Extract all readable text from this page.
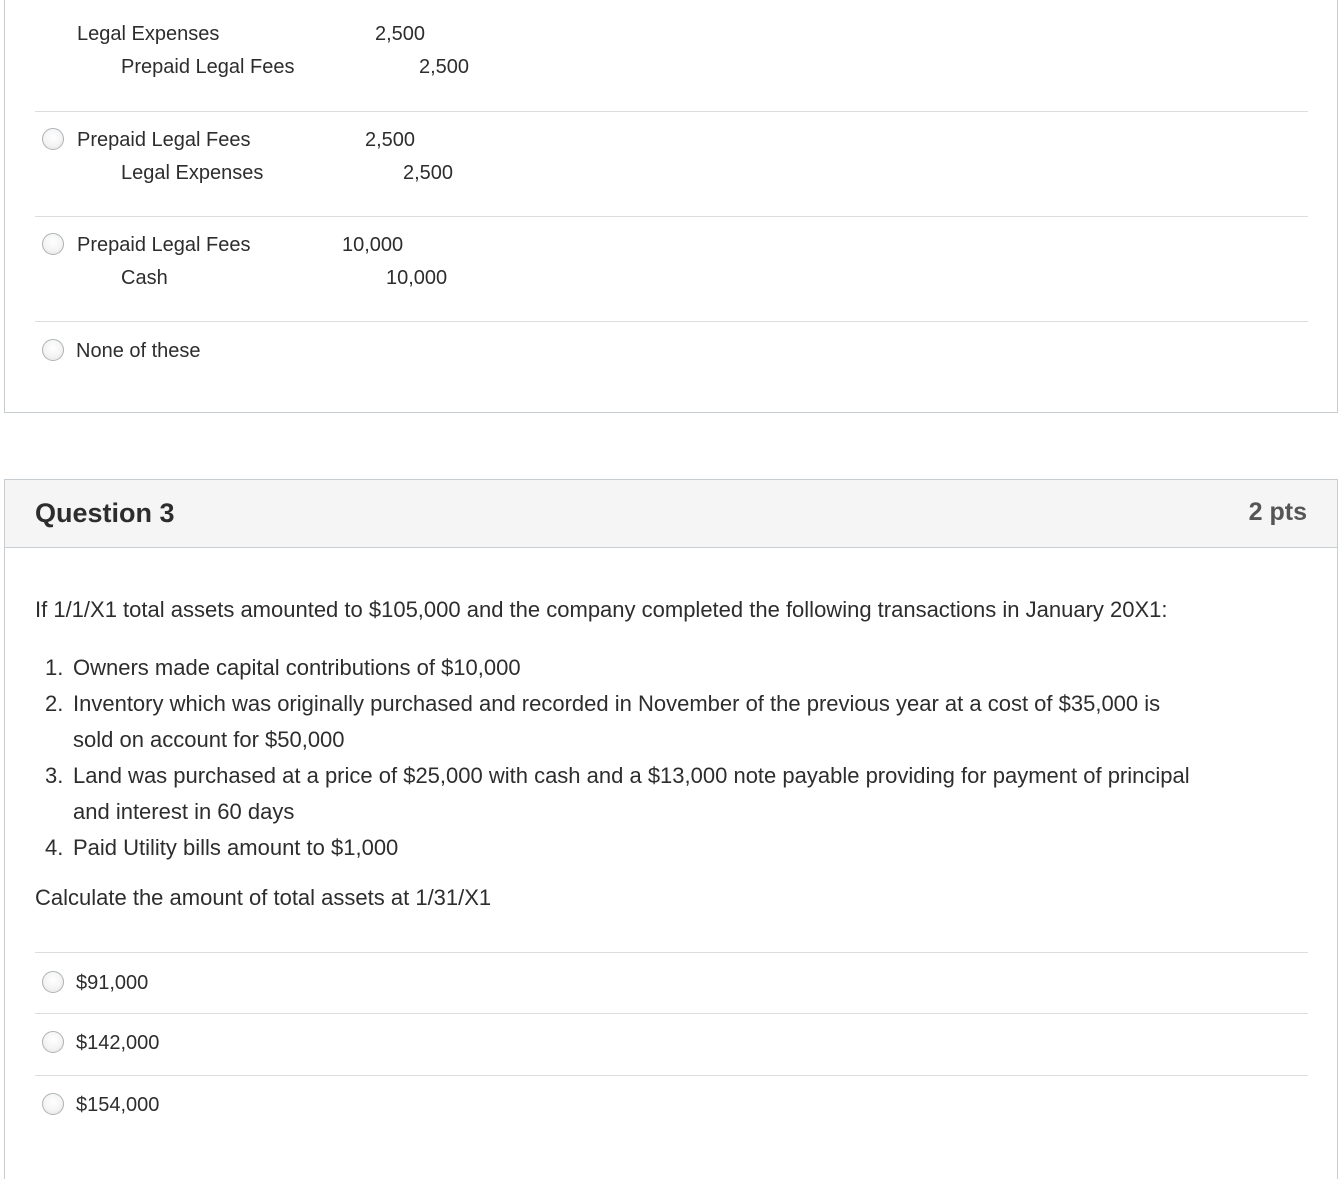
Legal Expenses	2,500
Prepaid Legal Fees	2,500
Prepaid Legal Fees	2,500
Legal Expenses	2,500
Prepaid Legal Fees	10,000
Cash	10,000
None of these
Question 3	2 pts
If 1/1/X1 total assets amounted to $105,000 and the company completed the following transactions in January 20X1:
1. Owners made capital contributions of $10,000
2. Inventory which was originally purchased and recorded in November of the previous year at a cost of $35,000 is
sold on account for $50,000
3. Land was purchased at a price of $25,000 with cash and a $13,000 note payable providing for payment of principal
and interest in 60 days
4. Paid Utility bills amount to $1,000
Calculate the amount of total assets at 1/31/X1
$91,000
$142,000
$154,000
